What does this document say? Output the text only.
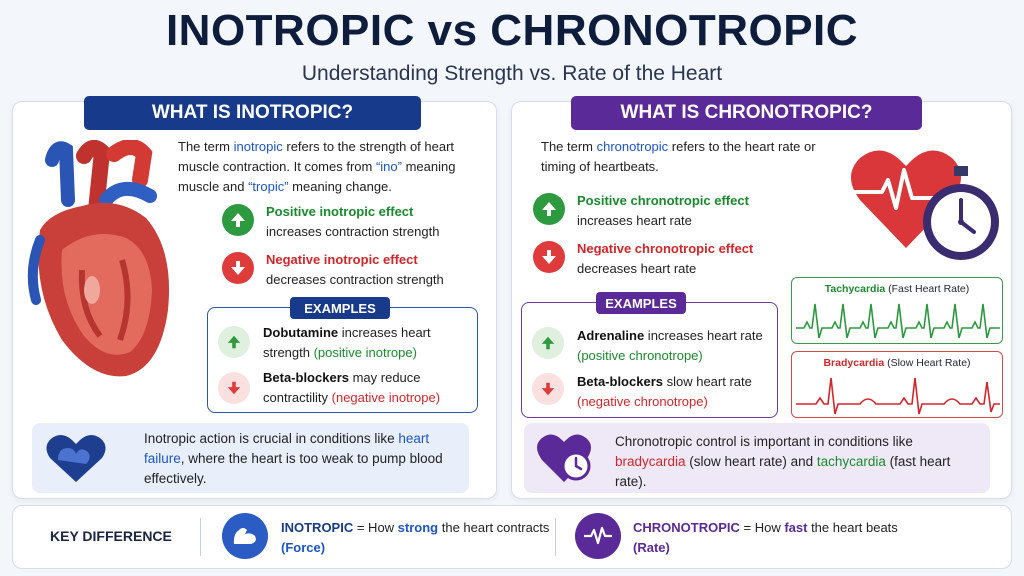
INOTROPIC vs CHRONOTROPIC
Understanding Strength vs. Rate of the Heart
WHAT IS INOTROPIC?
The term inotropic refers to the strength of heart muscle contraction. It comes from “ino” meaning muscle and “tropic” meaning change.
Positive inotropic effect
increases contraction strength
Negative inotropic effect
decreases contraction strength
EXAMPLES
Dobutamine increases heart strength (positive inotrope)
Beta-blockers may reduce contractility (negative inotrope)
Inotropic action is crucial in conditions like heart failure, where the heart is too weak to pump blood effectively.
WHAT IS CHRONOTROPIC?
The term chronotropic refers to the heart rate or timing of heartbeats.
Positive chronotropic effect
increases heart rate
Negative chronotropic effect
decreases heart rate
EXAMPLES
Adrenaline increases heart rate
(positive chronotrope)
Beta-blockers slow heart rate
(negative chronotrope)
Tachycardia (Fast Heart Rate)
Bradycardia (Slow Heart Rate)
Chronotropic control is important in conditions like bradycardia (slow heart rate) and tachycardia (fast heart rate).
KEY DIFFERENCE
INOTROPIC = How strong the heart contracts
(Force)
CHRONOTROPIC = How fast the heart beats
(Rate)
